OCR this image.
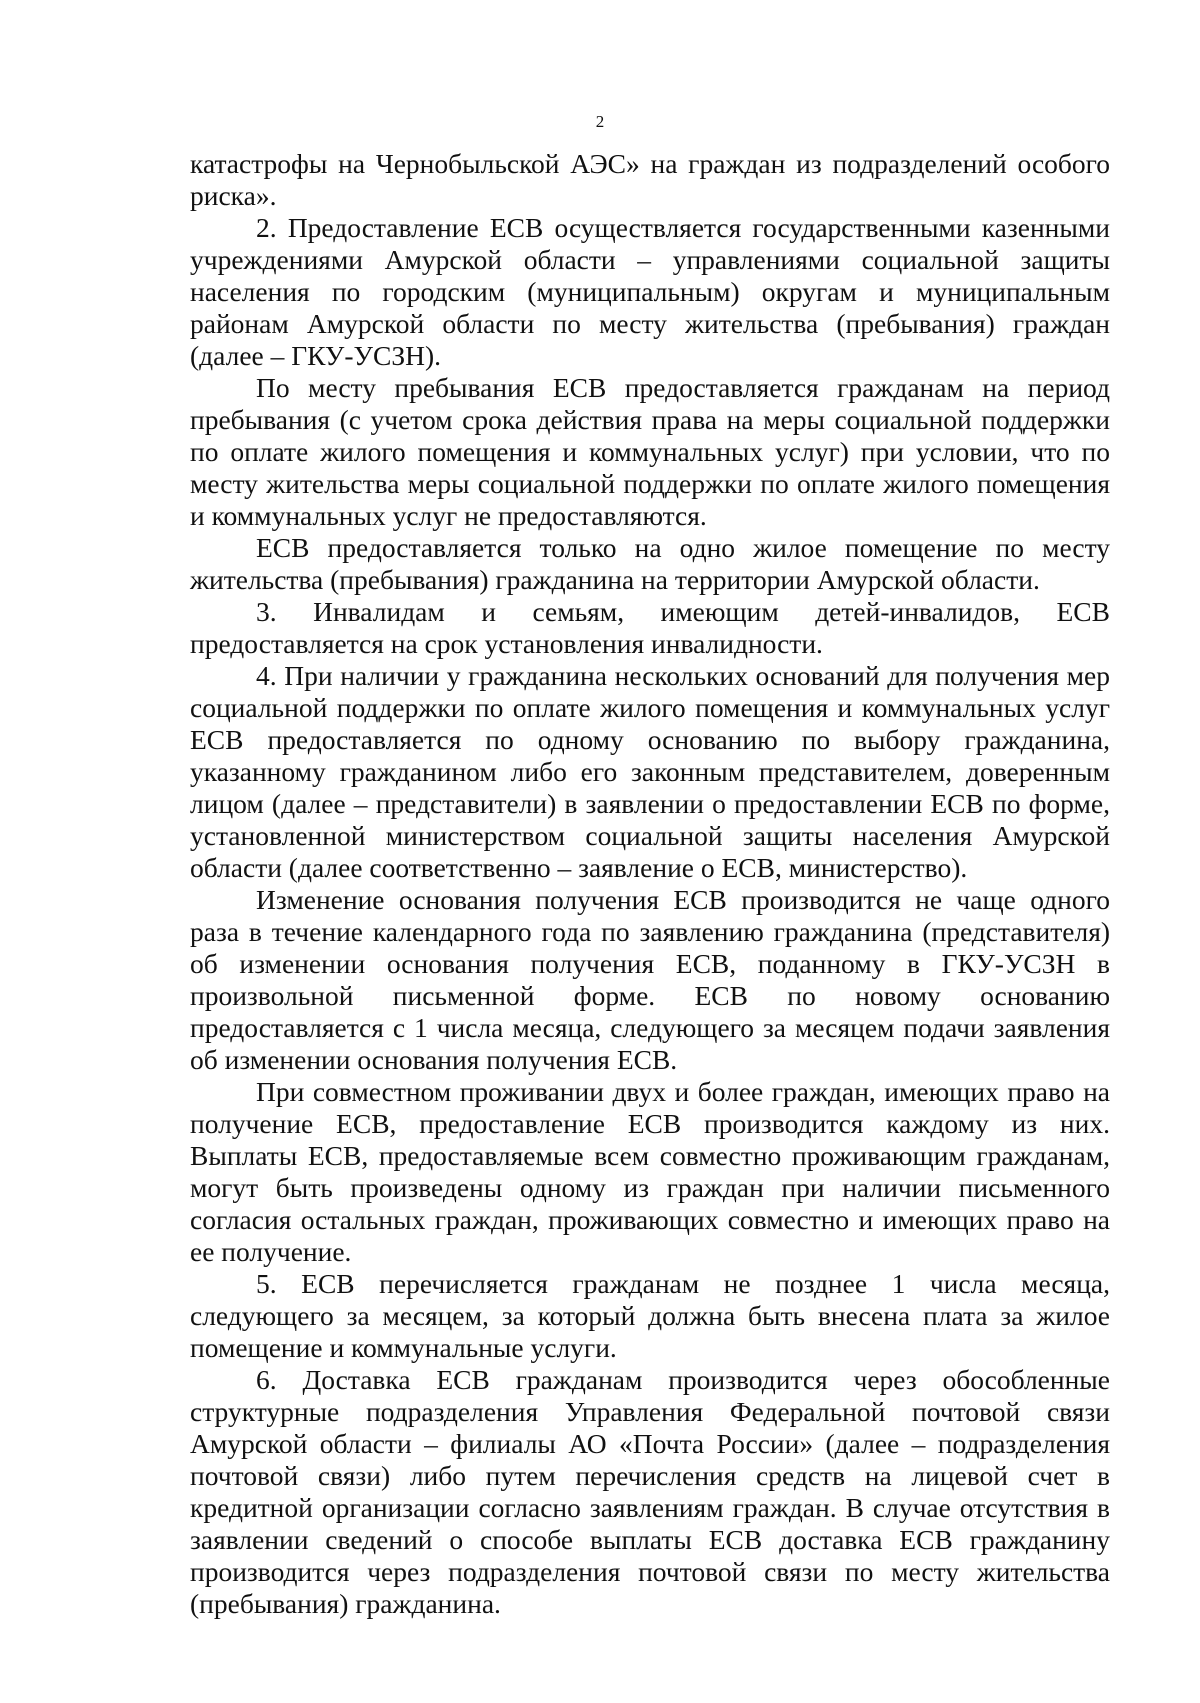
2

катастрофы на Чернобыльской АЭС» на граждан из подразделений особого риска».

2. Предоставление ЕСВ осуществляется государственными казенными учреждениями Амурской области – управлениями социальной защиты населения по городским (муниципальным) округам и муниципальным районам Амурской области по месту жительства (пребывания) граждан (далее – ГКУ-УСЗН).

По месту пребывания ЕСВ предоставляется гражданам на период пребывания (с учетом срока действия права на меры социальной поддержки по оплате жилого помещения и коммунальных услуг) при условии, что по месту жительства меры социальной поддержки по оплате жилого помещения и коммунальных услуг не предоставляются.

ЕСВ предоставляется только на одно жилое помещение по месту жительства (пребывания) гражданина на территории Амурской области.

3. Инвалидам и семьям, имеющим детей-инвалидов, ЕСВ предоставляется на срок установления инвалидности.

4. При наличии у гражданина нескольких оснований для получения мер социальной поддержки по оплате жилого помещения и коммунальных услуг ЕСВ предоставляется по одному основанию по выбору гражданина, указанному гражданином либо его законным представителем, доверенным лицом (далее – представители) в заявлении о предоставлении ЕСВ по форме, установленной министерством социальной защиты населения Амурской области (далее соответственно – заявление о ЕСВ, министерство).

Изменение основания получения ЕСВ производится не чаще одного раза в течение календарного года по заявлению гражданина (представителя) об изменении основания получения ЕСВ, поданному в ГКУ-УСЗН в произвольной письменной форме. ЕСВ по новому основанию предоставляется с 1 числа месяца, следующего за месяцем подачи заявления об изменении основания получения ЕСВ.

При совместном проживании двух и более граждан, имеющих право на получение ЕСВ, предоставление ЕСВ производится каждому из них. Выплаты ЕСВ, предоставляемые всем совместно проживающим гражданам, могут быть произведены одному из граждан при наличии письменного согласия остальных граждан, проживающих совместно и имеющих право на ее получение.

5. ЕСВ перечисляется гражданам не позднее 1 числа месяца, следующего за месяцем, за который должна быть внесена плата за жилое помещение и коммунальные услуги.

6. Доставка ЕСВ гражданам производится через обособленные структурные подразделения Управления Федеральной почтовой связи Амурской области – филиалы АО «Почта России» (далее – подразделения почтовой связи) либо путем перечисления средств на лицевой счет в кредитной организации согласно заявлениям граждан. В случае отсутствия в заявлении сведений о способе выплаты ЕСВ доставка ЕСВ гражданину производится через подразделения почтовой связи по месту жительства (пребывания) гражданина.
